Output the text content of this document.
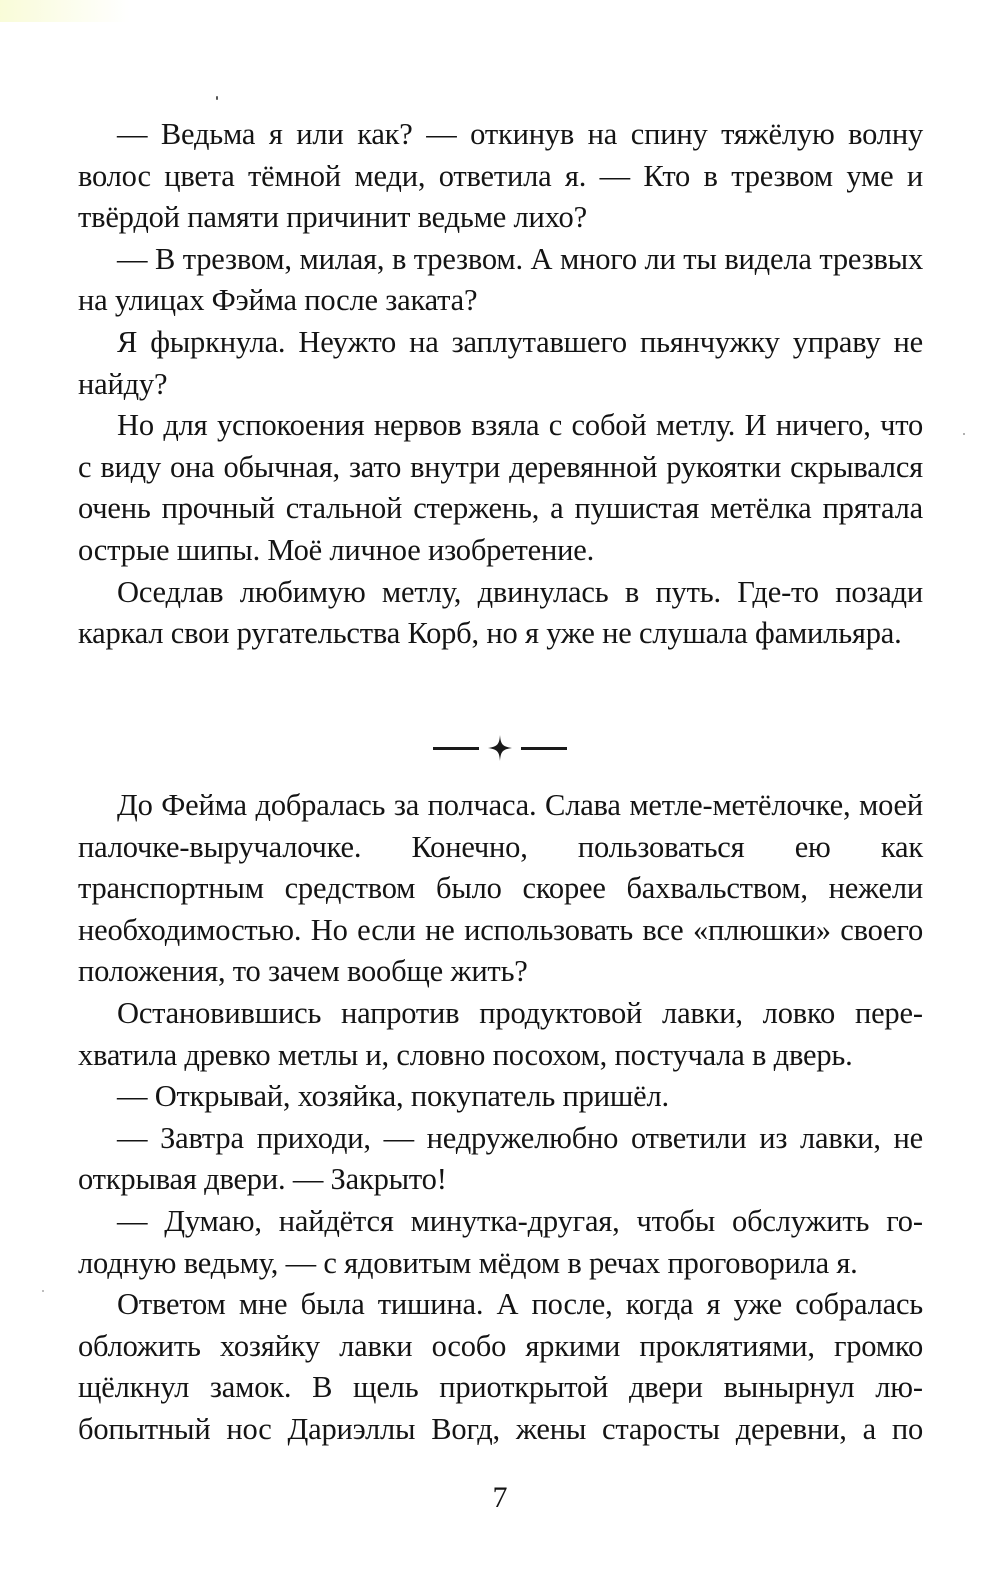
— Ведьма я или как? — откинув на спину тяжёлую волну волос цвета тёмной меди, ответила я. — Кто в трезвом уме и твёрдой памяти причинит ведьме лихо?

— В трезвом, милая, в трезвом. А много ли ты видела трезвых на улицах Фэйма после заката?

Я фыркнула. Неужто на заплутавшего пьянчужку управу не найду?

Но для успокоения нервов взяла с собой метлу. И ничего, что с виду она обычная, зато внутри деревянной рукоятки скрывался очень прочный стальной стержень, а пушистая метёлка прятала острые шипы. Моё личное изобретение.

Оседлав любимую метлу, двинулась в путь. Где-то позади каркал свои ругательства Корб, но я уже не слушала фамильяра.

До Фейма добралась за полчаса. Слава метле-метёлочке, моей палочке-выручалочке. Конечно, пользоваться ею как транспортным средством было скорее бахвальством, нежели необходимостью. Но если не использовать все «плюшки» своего положения, то зачем вообще жить?

Остановившись напротив продуктовой лавки, ловко перехватила древко метлы и, словно посохом, постучала в дверь.

— Открывай, хозяйка, покупатель пришёл.

— Завтра приходи, — недружелюбно ответили из лавки, не открывая двери. — Закрыто!

— Думаю, найдётся минутка-другая, чтобы обслужить голодную ведьму, — с ядовитым мёдом в речах проговорила я.

Ответом мне была тишина. А после, когда я уже собралась обложить хозяйку лавки особо яркими проклятиями, громко щёлкнул замок. В щель приоткрытой двери вынырнул любопытный нос Дариэллы Вогд, жены старосты деревни, а по

7
